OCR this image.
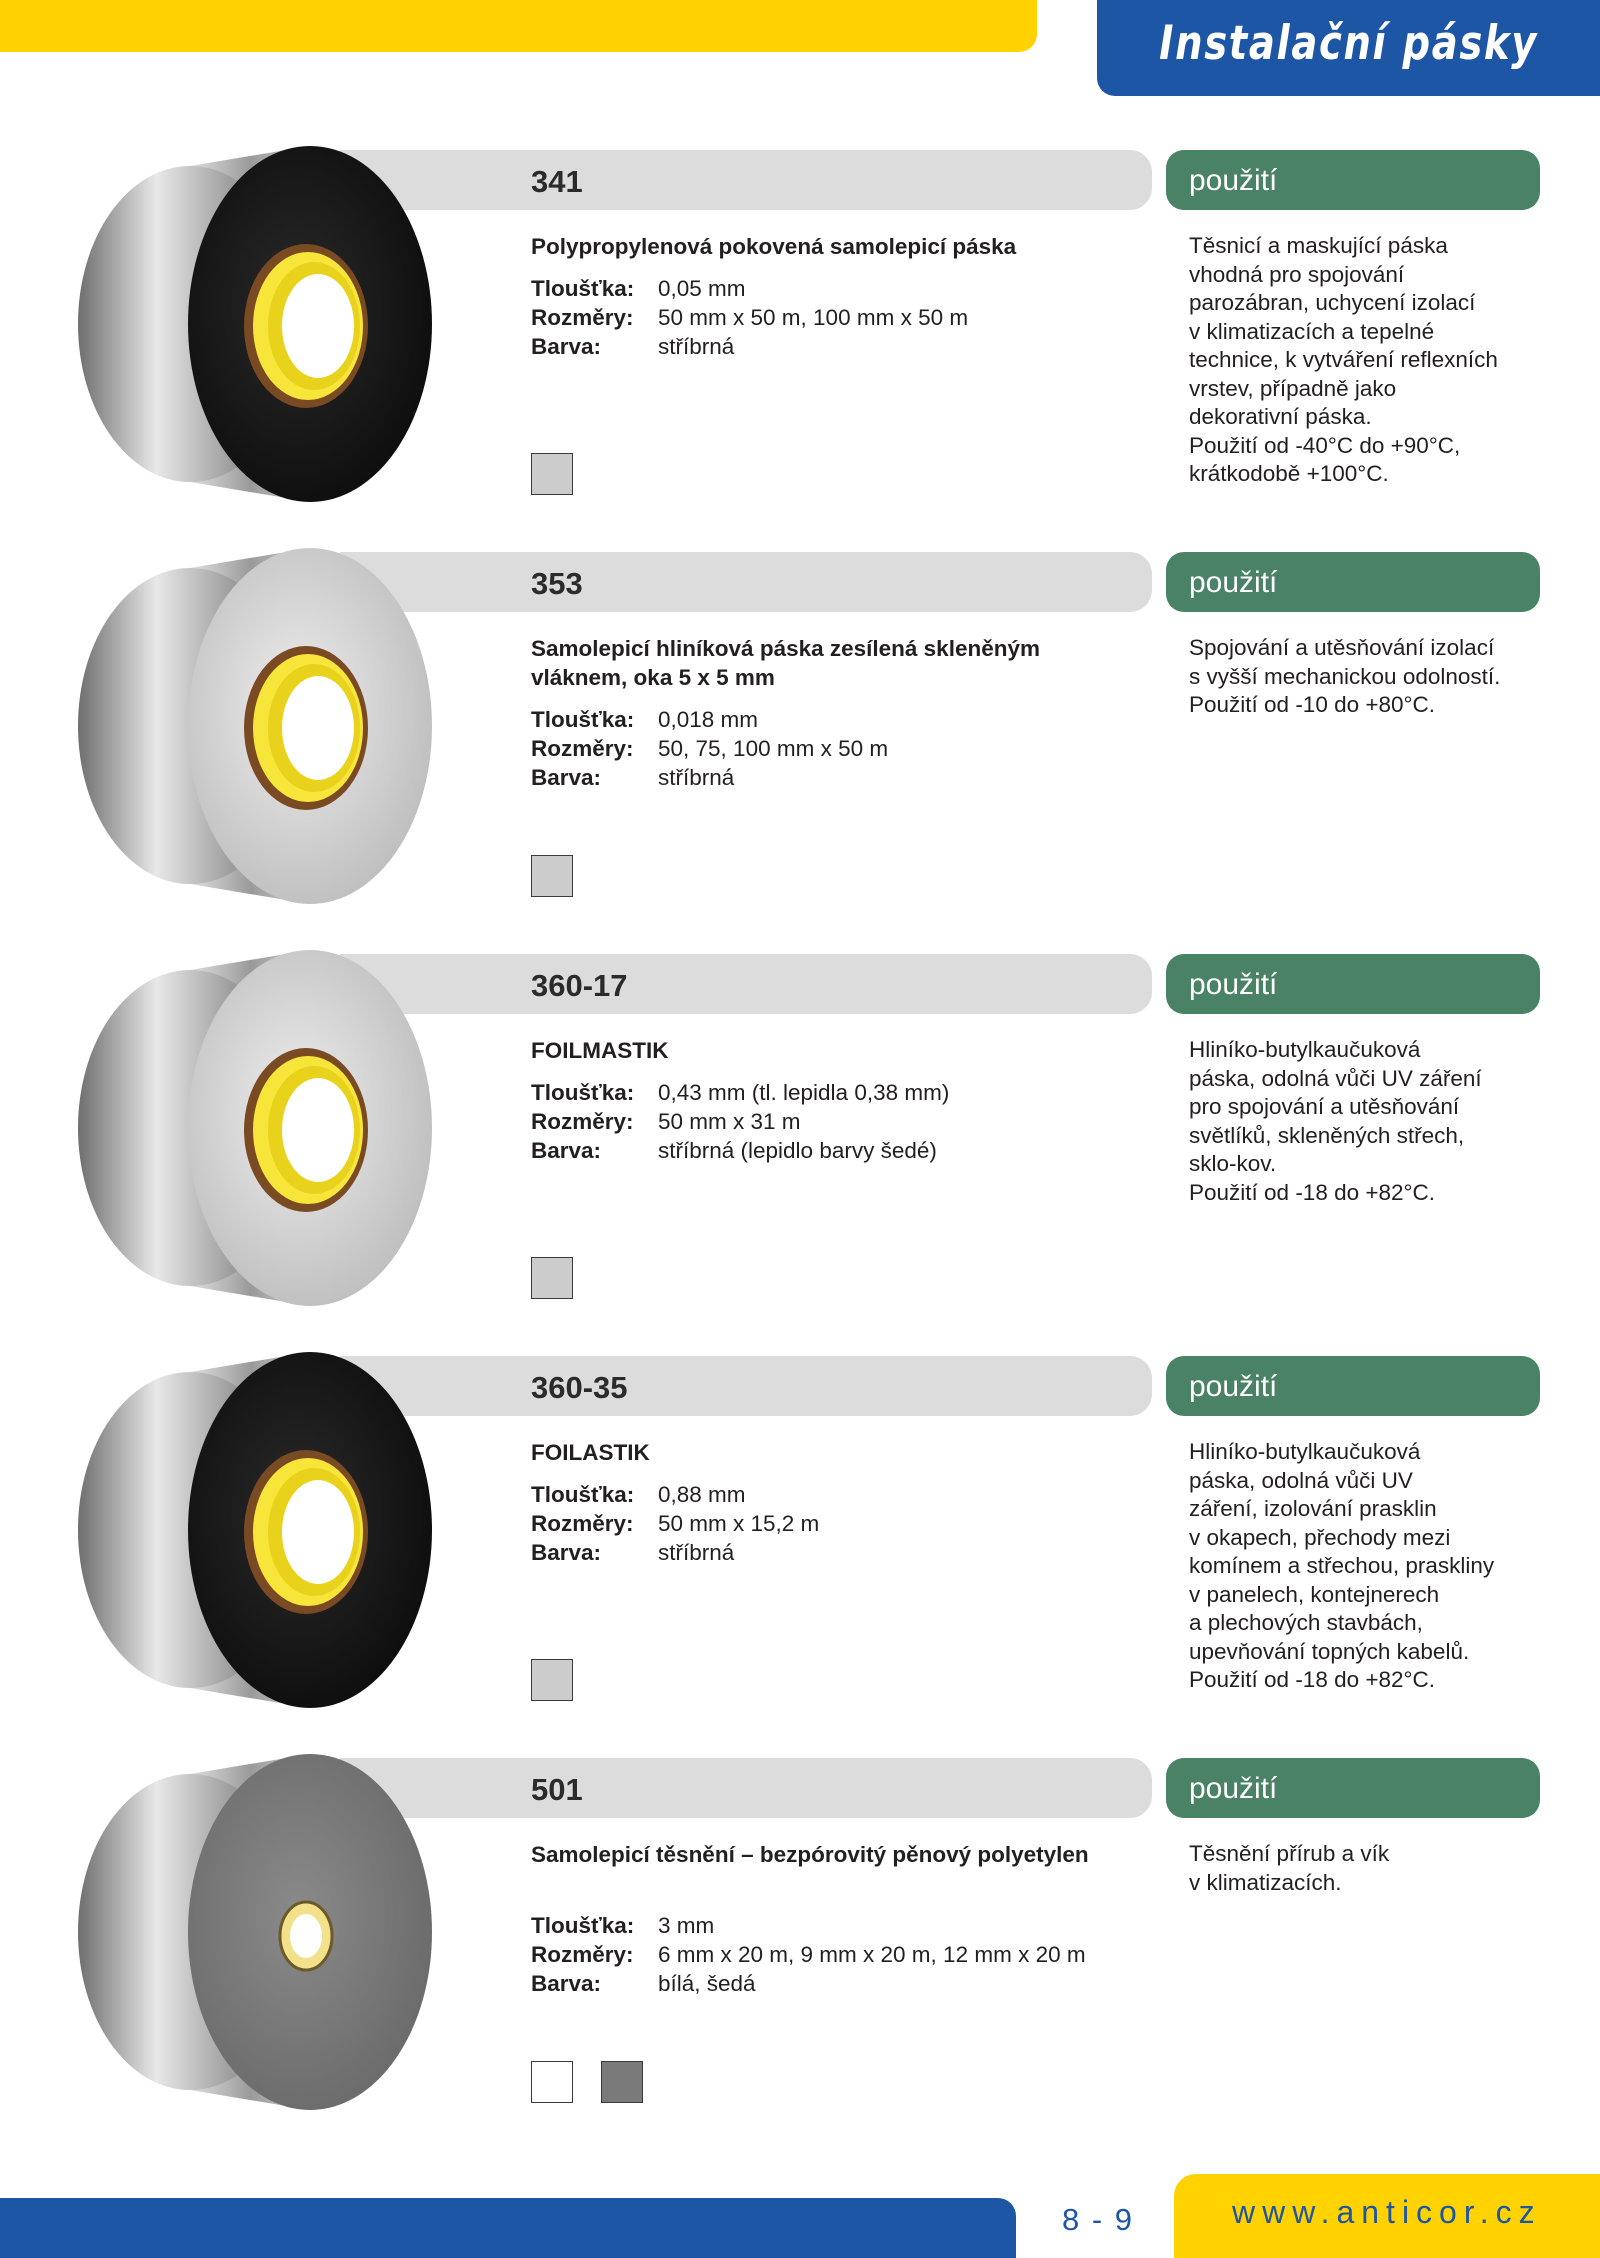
Instalační pásky
341	použití
Polypropylenová pokovená samolepicí páska
Tloušťka:	0,05 mm
Rozměry:	50 mm x 50 m, 100 mm x 50 m
Barva:	stříbrná
Těsnicí a maskující páska
vhodná pro spojování
parozábran, uchycení izolací
v klimatizacích a tepelné
technice, k vytváření reflexních
vrstev, případně jako
dekorativní páska.
Použití od -40°C do +90°C,
krátkodobě +100°C.
353	použití
Samolepicí hliníková páska zesílená skleněným vláknem, oka 5 x 5 mm
Tloušťka:	0,018 mm
Rozměry:	50, 75, 100 mm x 50 m
Barva:	stříbrná
Spojování a utěsňování izolací
s vyšší mechanickou odolností.
Použití od -10 do +80°C.
360-17	použití
FOILMASTIK
Tloušťka:	0,43 mm (tl. lepidla 0,38 mm)
Rozměry:	50 mm x 31 m
Barva:	stříbrná (lepidlo barvy šedé)
Hliníko-butylkaučuková
páska, odolná vůči UV záření
pro spojování a utěsňování
světlíků, skleněných střech,
sklo-kov.
Použití od -18 do +82°C.
360-35	použití
FOILASTIK
Tloušťka:	0,88 mm
Rozměry:	50 mm x 15,2 m
Barva:	stříbrná
Hliníko-butylkaučuková
páska, odolná vůči UV
záření, izolování prasklin
v okapech, přechody mezi
komínem a střechou, praskliny
v panelech, kontejnerech
a plechových stavbách,
upevňování topných kabelů.
Použití od -18 do +82°C.
501	použití
Samolepicí těsnění – bezpórovitý pěnový polyetylen
Tloušťka:	3 mm
Rozměry:	6 mm x 20 m, 9 mm x 20 m, 12 mm x 20 m
Barva:	bílá, šedá
Těsnění přírub a vík
v klimatizacích.
8 - 9	www.anticor.cz
